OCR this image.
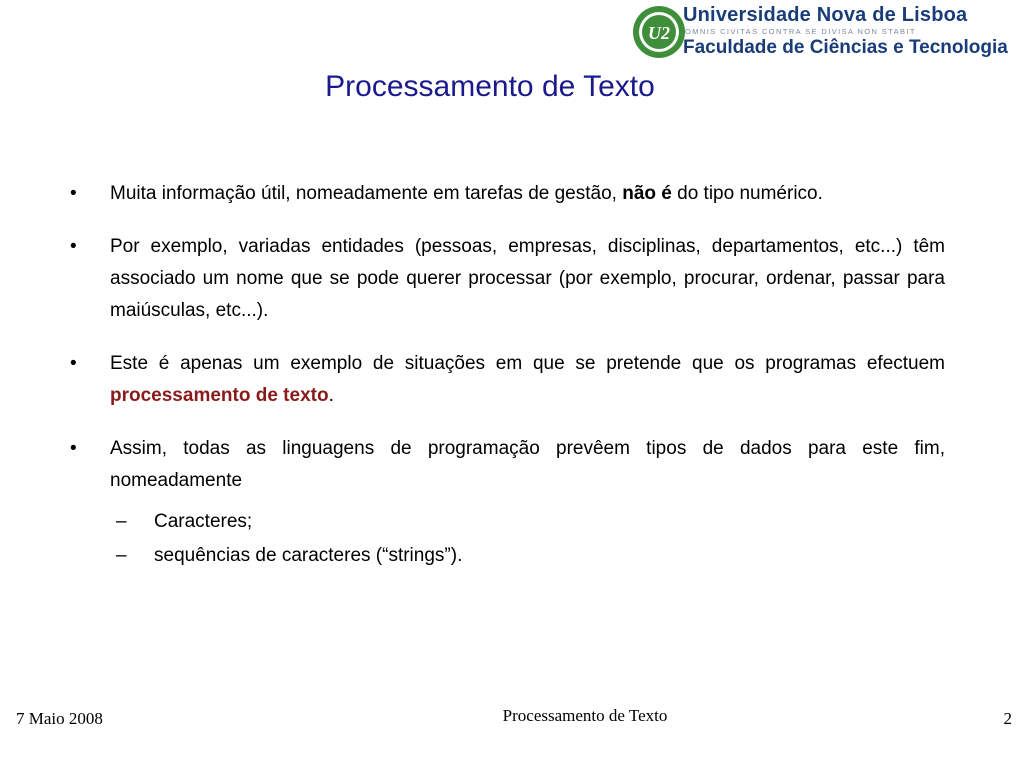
U2
Universidade Nova de Lisboa
OMNIS CIVITAS CONTRA SE DIVISA NON STABIT
Faculdade de Ciências e Tecnologia
Processamento de Texto
•	Muita informação útil, nomeadamente em tarefas de gestão, não é do tipo numérico.
•	Por exemplo, variadas entidades (pessoas, empresas, disciplinas, departamentos, etc...) têm associado um nome que se pode querer processar (por exemplo, procurar, ordenar, passar para maiúsculas, etc...).
•	Este é apenas um exemplo de situações em que se pretende que os programas efectuem processamento de texto.
•	Assim, todas as linguagens de programação prevêem tipos de dados para este fim, nomeadamente
– Caracteres;
– sequências de caracteres (“strings”).
7 Maio 2008	Processamento de Texto	2
